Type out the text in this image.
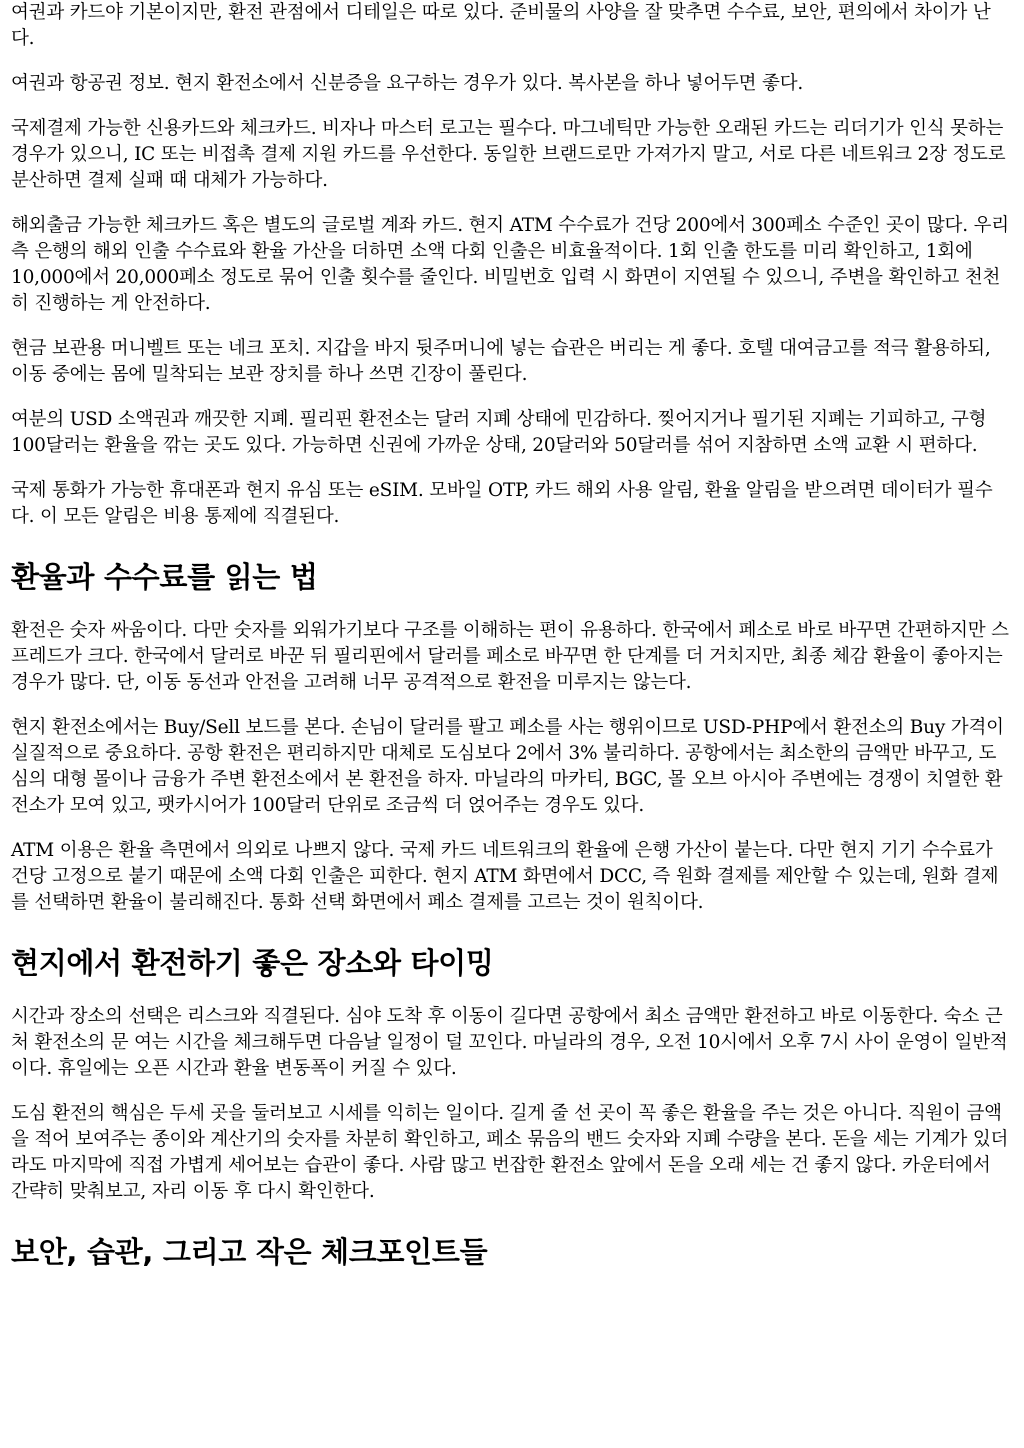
여권과 카드야 기본이지만, 환전 관점에서 디테일은 따로 있다. 준비물의 사양을 잘 맞추면 수수료, 보안, 편의에서 차이가 난다.

여권과 항공권 정보. 현지 환전소에서 신분증을 요구하는 경우가 있다. 복사본을 하나 넣어두면 좋다.

국제결제 가능한 신용카드와 체크카드. 비자나 마스터 로고는 필수다. 마그네틱만 가능한 오래된 카드는 리더기가 인식 못하는 경우가 있으니, IC 또는 비접촉 결제 지원 카드를 우선한다. 동일한 브랜드로만 가져가지 말고, 서로 다른 네트워크 2장 정도로 분산하면 결제 실패 때 대체가 가능하다.

해외출금 가능한 체크카드 혹은 별도의 글로벌 계좌 카드. 현지 ATM 수수료가 건당 200에서 300페소 수준인 곳이 많다. 우리 측 은행의 해외 인출 수수료와 환율 가산을 더하면 소액 다회 인출은 비효율적이다. 1회 인출 한도를 미리 확인하고, 1회에 10,000에서 20,000페소 정도로 묶어 인출 횟수를 줄인다. 비밀번호 입력 시 화면이 지연될 수 있으니, 주변을 확인하고 천천히 진행하는 게 안전하다.

현금 보관용 머니벨트 또는 네크 포치. 지갑을 바지 뒷주머니에 넣는 습관은 버리는 게 좋다. 호텔 대여금고를 적극 활용하되, 이동 중에는 몸에 밀착되는 보관 장치를 하나 쓰면 긴장이 풀린다.

여분의 USD 소액권과 깨끗한 지폐. 필리핀 환전소는 달러 지폐 상태에 민감하다. 찢어지거나 필기된 지폐는 기피하고, 구형 100달러는 환율을 깎는 곳도 있다. 가능하면 신권에 가까운 상태, 20달러와 50달러를 섞어 지참하면 소액 교환 시 편하다.

국제 통화가 가능한 휴대폰과 현지 유심 또는 eSIM. 모바일 OTP, 카드 해외 사용 알림, 환율 알림을 받으려면 데이터가 필수다. 이 모든 알림은 비용 통제에 직결된다.

환율과 수수료를 읽는 법

환전은 숫자 싸움이다. 다만 숫자를 외워가기보다 구조를 이해하는 편이 유용하다. 한국에서 페소로 바로 바꾸면 간편하지만 스프레드가 크다. 한국에서 달러로 바꾼 뒤 필리핀에서 달러를 페소로 바꾸면 한 단계를 더 거치지만, 최종 체감 환율이 좋아지는 경우가 많다. 단, 이동 동선과 안전을 고려해 너무 공격적으로 환전을 미루지는 않는다.

현지 환전소에서는 Buy/Sell 보드를 본다. 손님이 달러를 팔고 페소를 사는 행위이므로 USD-PHP에서 환전소의 Buy 가격이 실질적으로 중요하다. 공항 환전은 편리하지만 대체로 도심보다 2에서 3% 불리하다. 공항에서는 최소한의 금액만 바꾸고, 도심의 대형 몰이나 금융가 주변 환전소에서 본 환전을 하자. 마닐라의 마카티, BGC, 몰 오브 아시아 주변에는 경쟁이 치열한 환전소가 모여 있고, 팻카시어가 100달러 단위로 조금씩 더 얹어주는 경우도 있다.

ATM 이용은 환율 측면에서 의외로 나쁘지 않다. 국제 카드 네트워크의 환율에 은행 가산이 붙는다. 다만 현지 기기 수수료가 건당 고정으로 붙기 때문에 소액 다회 인출은 피한다. 현지 ATM 화면에서 DCC, 즉 원화 결제를 제안할 수 있는데, 원화 결제를 선택하면 환율이 불리해진다. 통화 선택 화면에서 페소 결제를 고르는 것이 원칙이다.

현지에서 환전하기 좋은 장소와 타이밍

시간과 장소의 선택은 리스크와 직결된다. 심야 도착 후 이동이 길다면 공항에서 최소 금액만 환전하고 바로 이동한다. 숙소 근처 환전소의 문 여는 시간을 체크해두면 다음날 일정이 덜 꼬인다. 마닐라의 경우, 오전 10시에서 오후 7시 사이 운영이 일반적이다. 휴일에는 오픈 시간과 환율 변동폭이 커질 수 있다.

도심 환전의 핵심은 두세 곳을 둘러보고 시세를 익히는 일이다. 길게 줄 선 곳이 꼭 좋은 환율을 주는 것은 아니다. 직원이 금액을 적어 보여주는 종이와 계산기의 숫자를 차분히 확인하고, 페소 묶음의 밴드 숫자와 지폐 수량을 본다. 돈을 세는 기계가 있더라도 마지막에 직접 가볍게 세어보는 습관이 좋다. 사람 많고 번잡한 환전소 앞에서 돈을 오래 세는 건 좋지 않다. 카운터에서 간략히 맞춰보고, 자리 이동 후 다시 확인한다.

보안, 습관, 그리고 작은 체크포인트들
